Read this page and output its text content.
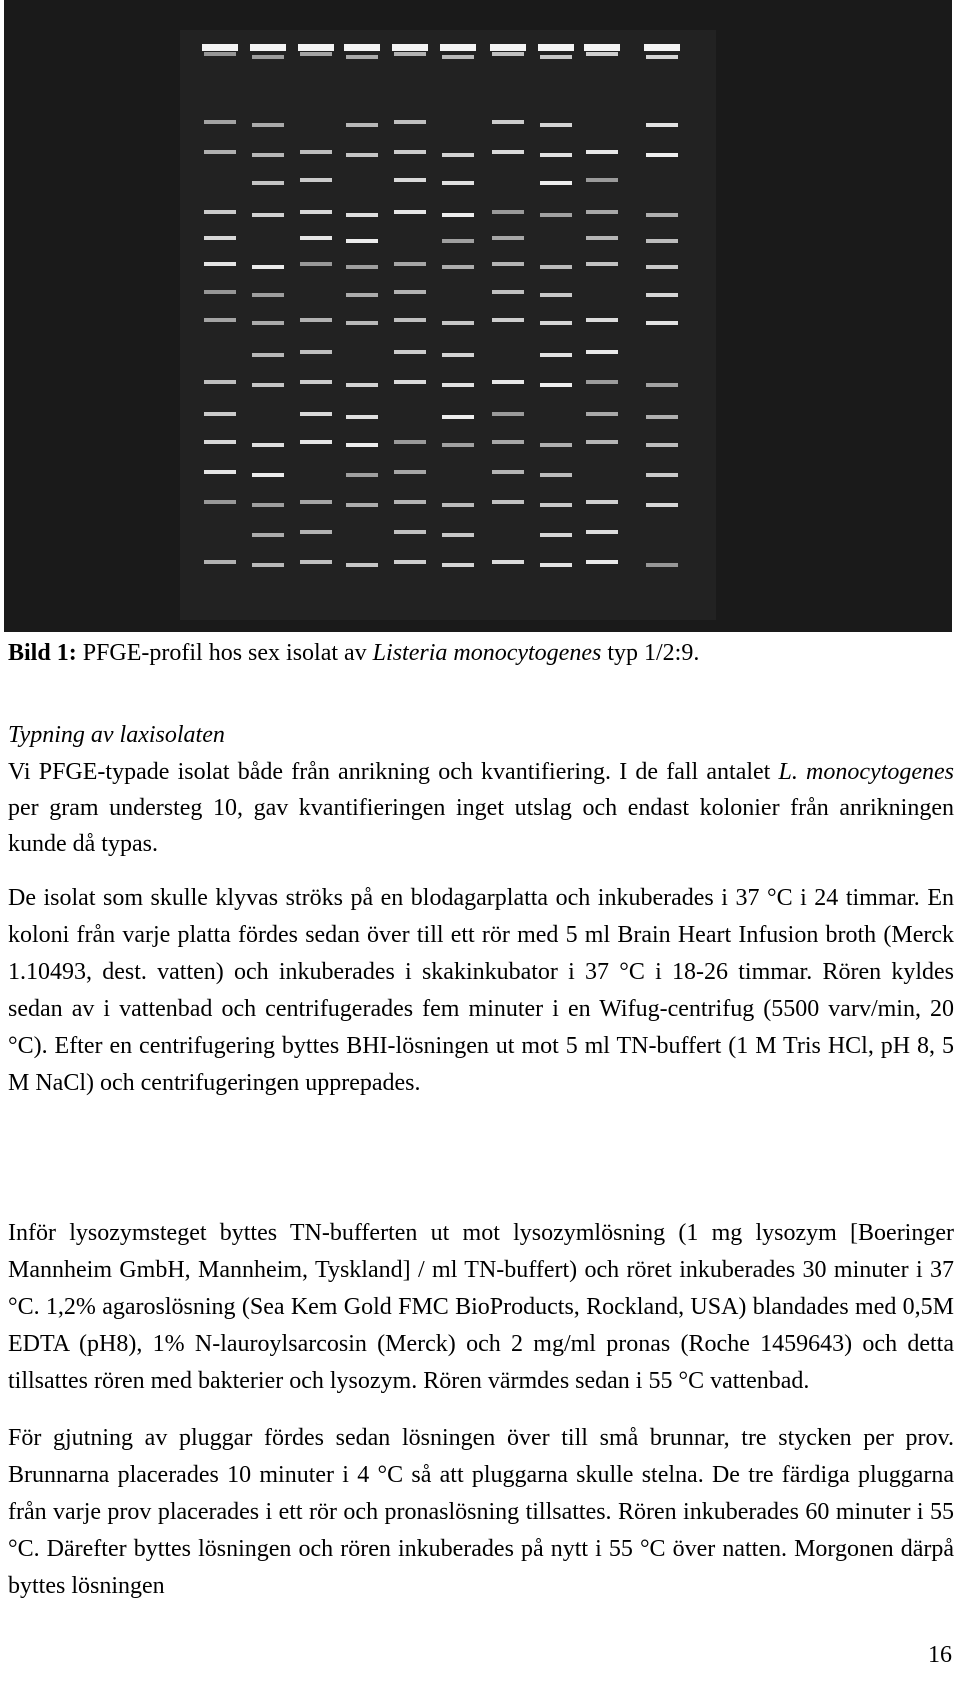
Bild 1: PFGE-profil hos sex isolat av Listeria monocytogenes typ 1/2:9.

Typning av laxisolaten

Vi PFGE-typade isolat både från anrikning och kvantifiering. I de fall antalet L. monocytogenes per gram understeg 10, gav kvantifieringen inget utslag och endast kolonier från anrikningen kunde då typas.

De isolat som skulle klyvas ströks på en blodagarplatta och inkuberades i 37 °C i 24 timmar. En koloni från varje platta fördes sedan över till ett rör med 5 ml Brain Heart Infusion broth (Merck 1.10493, dest. vatten) och inkuberades i skakinkubator i 37 °C i 18-26 timmar. Rören kyldes sedan av i vattenbad och centrifugerades fem minuter i en Wifug-centrifug (5500 varv/min, 20 °C). Efter en centrifugering byttes BHI-lösningen ut mot 5 ml TN-buffert (1 M Tris HCl, pH 8, 5 M NaCl) och centrifugeringen upprepades.

Inför lysozymsteget byttes TN-bufferten ut mot lysozymlösning (1 mg lysozym [Boeringer Mannheim GmbH, Mannheim, Tyskland] / ml TN-buffert) och röret inkuberades 30 minuter i 37 °C. 1,2% agaroslösning (Sea Kem Gold FMC BioProducts, Rockland, USA) blandades med 0,5M EDTA (pH8), 1% N-lauroylsarcosin (Merck) och 2 mg/ml pronas (Roche 1459643) och detta tillsattes rören med bakterier och lysozym. Rören värmdes sedan i 55 °C vattenbad.

För gjutning av pluggar fördes sedan lösningen över till små brunnar, tre stycken per prov. Brunnarna placerades 10 minuter i 4 °C så att pluggarna skulle stelna. De tre färdiga pluggarna från varje prov placerades i ett rör och pronaslösning tillsattes. Rören inkuberades 60 minuter i 55 °C. Därefter byttes lösningen och rören inkuberades på nytt i 55 °C över natten. Morgonen därpå byttes lösningen

16
